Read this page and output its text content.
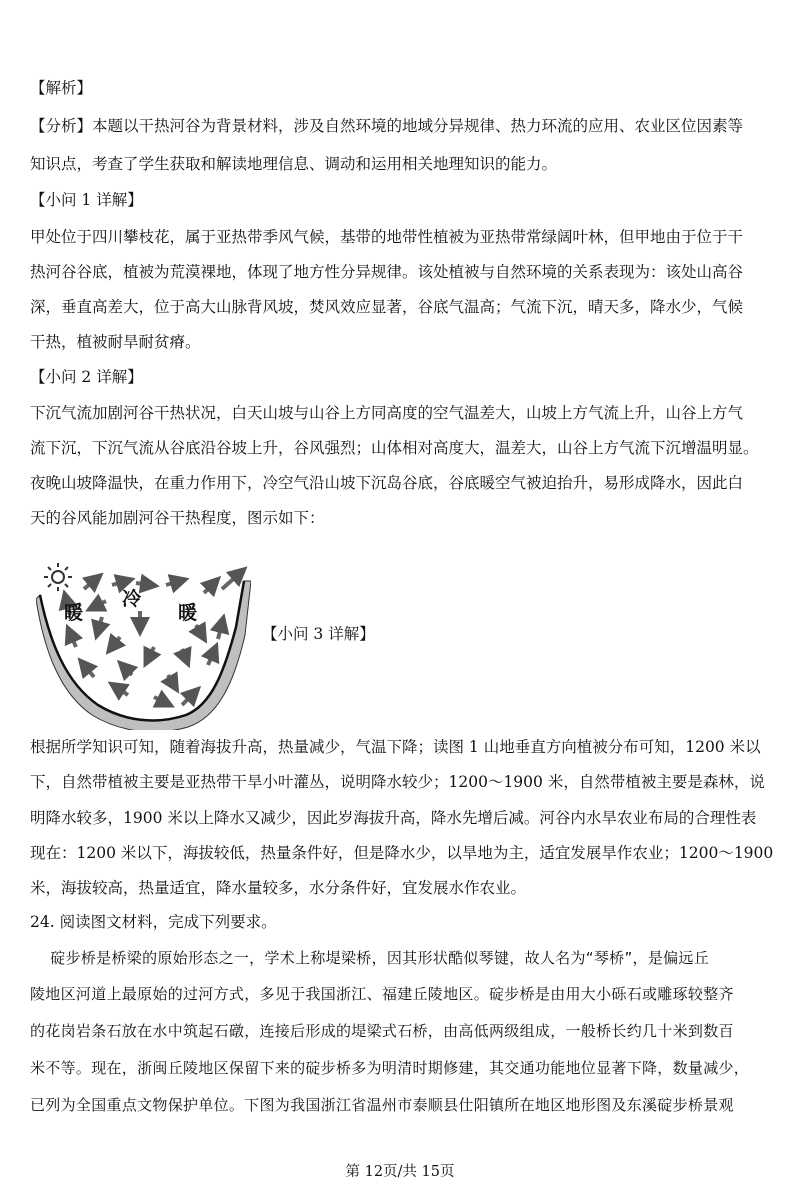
【解析】
【分析】本题以干热河谷为背景材料，涉及自然环境的地域分异规律、热力环流的应用、农业区位因素等
知识点，考查了学生获取和解读地理信息、调动和运用相关地理知识的能力。
【小问 1 详解】
甲处位于四川攀枝花，属于亚热带季风气候，基带的地带性植被为亚热带常绿阔叶林，但甲地由于位于干
热河谷谷底，植被为荒漠裸地，体现了地方性分异规律。该处植被与自然环境的关系表现为：该处山高谷
深，垂直高差大，位于高大山脉背风坡，焚风效应显著，谷底气温高；气流下沉，晴天多，降水少，气候
干热，植被耐旱耐贫瘠。
【小问 2 详解】
下沉气流加剧河谷干热状况，白天山坡与山谷上方同高度的空气温差大，山坡上方气流上升，山谷上方气
流下沉，下沉气流从谷底沿谷坡上升，谷风强烈；山体相对高度大，温差大，山谷上方气流下沉增温明显。
夜晚山坡降温快，在重力作用下，冷空气沿山坡下沉岛谷底，谷底暖空气被迫抬升，易形成降水，因此白
天的谷风能加剧河谷干热程度，图示如下：
暖
冷
暖
【小问 3 详解】
根据所学知识可知，随着海拔升高，热量减少，气温下降；读图 1 山地垂直方向植被分布可知，1200 米以
下，自然带植被主要是亚热带干旱小叶灌丛，说明降水较少；1200～1900 米，自然带植被主要是森林，说
明降水较多，1900 米以上降水又减少，因此岁海拔升高，降水先增后减。河谷内水旱农业布局的合理性表
现在：1200 米以下，海拔较低，热量条件好，但是降水少，以旱地为主，适宜发展旱作农业；1200～1900
米，海拔较高，热量适宜，降水量较多，水分条件好，宜发展水作农业。
24. 阅读图文材料，完成下列要求。
碇步桥是桥梁的原始形态之一，学术上称堤梁桥，因其形状酷似琴键，故人名为“琴桥”，是偏远丘
陵地区河道上最原始的过河方式，多见于我国浙江、福建丘陵地区。碇步桥是由用大小砾石或雕琢较整齐
的花岗岩条石放在水中筑起石礅，连接后形成的堤梁式石桥，由高低两级组成，一般桥长约几十米到数百
米不等。现在，浙闽丘陵地区保留下来的碇步桥多为明清时期修建，其交通功能地位显著下降，数量减少，
已列为全国重点文物保护单位。下图为我国浙江省温州市泰顺县仕阳镇所在地区地形图及东溪碇步桥景观
第 12页/共 15页
